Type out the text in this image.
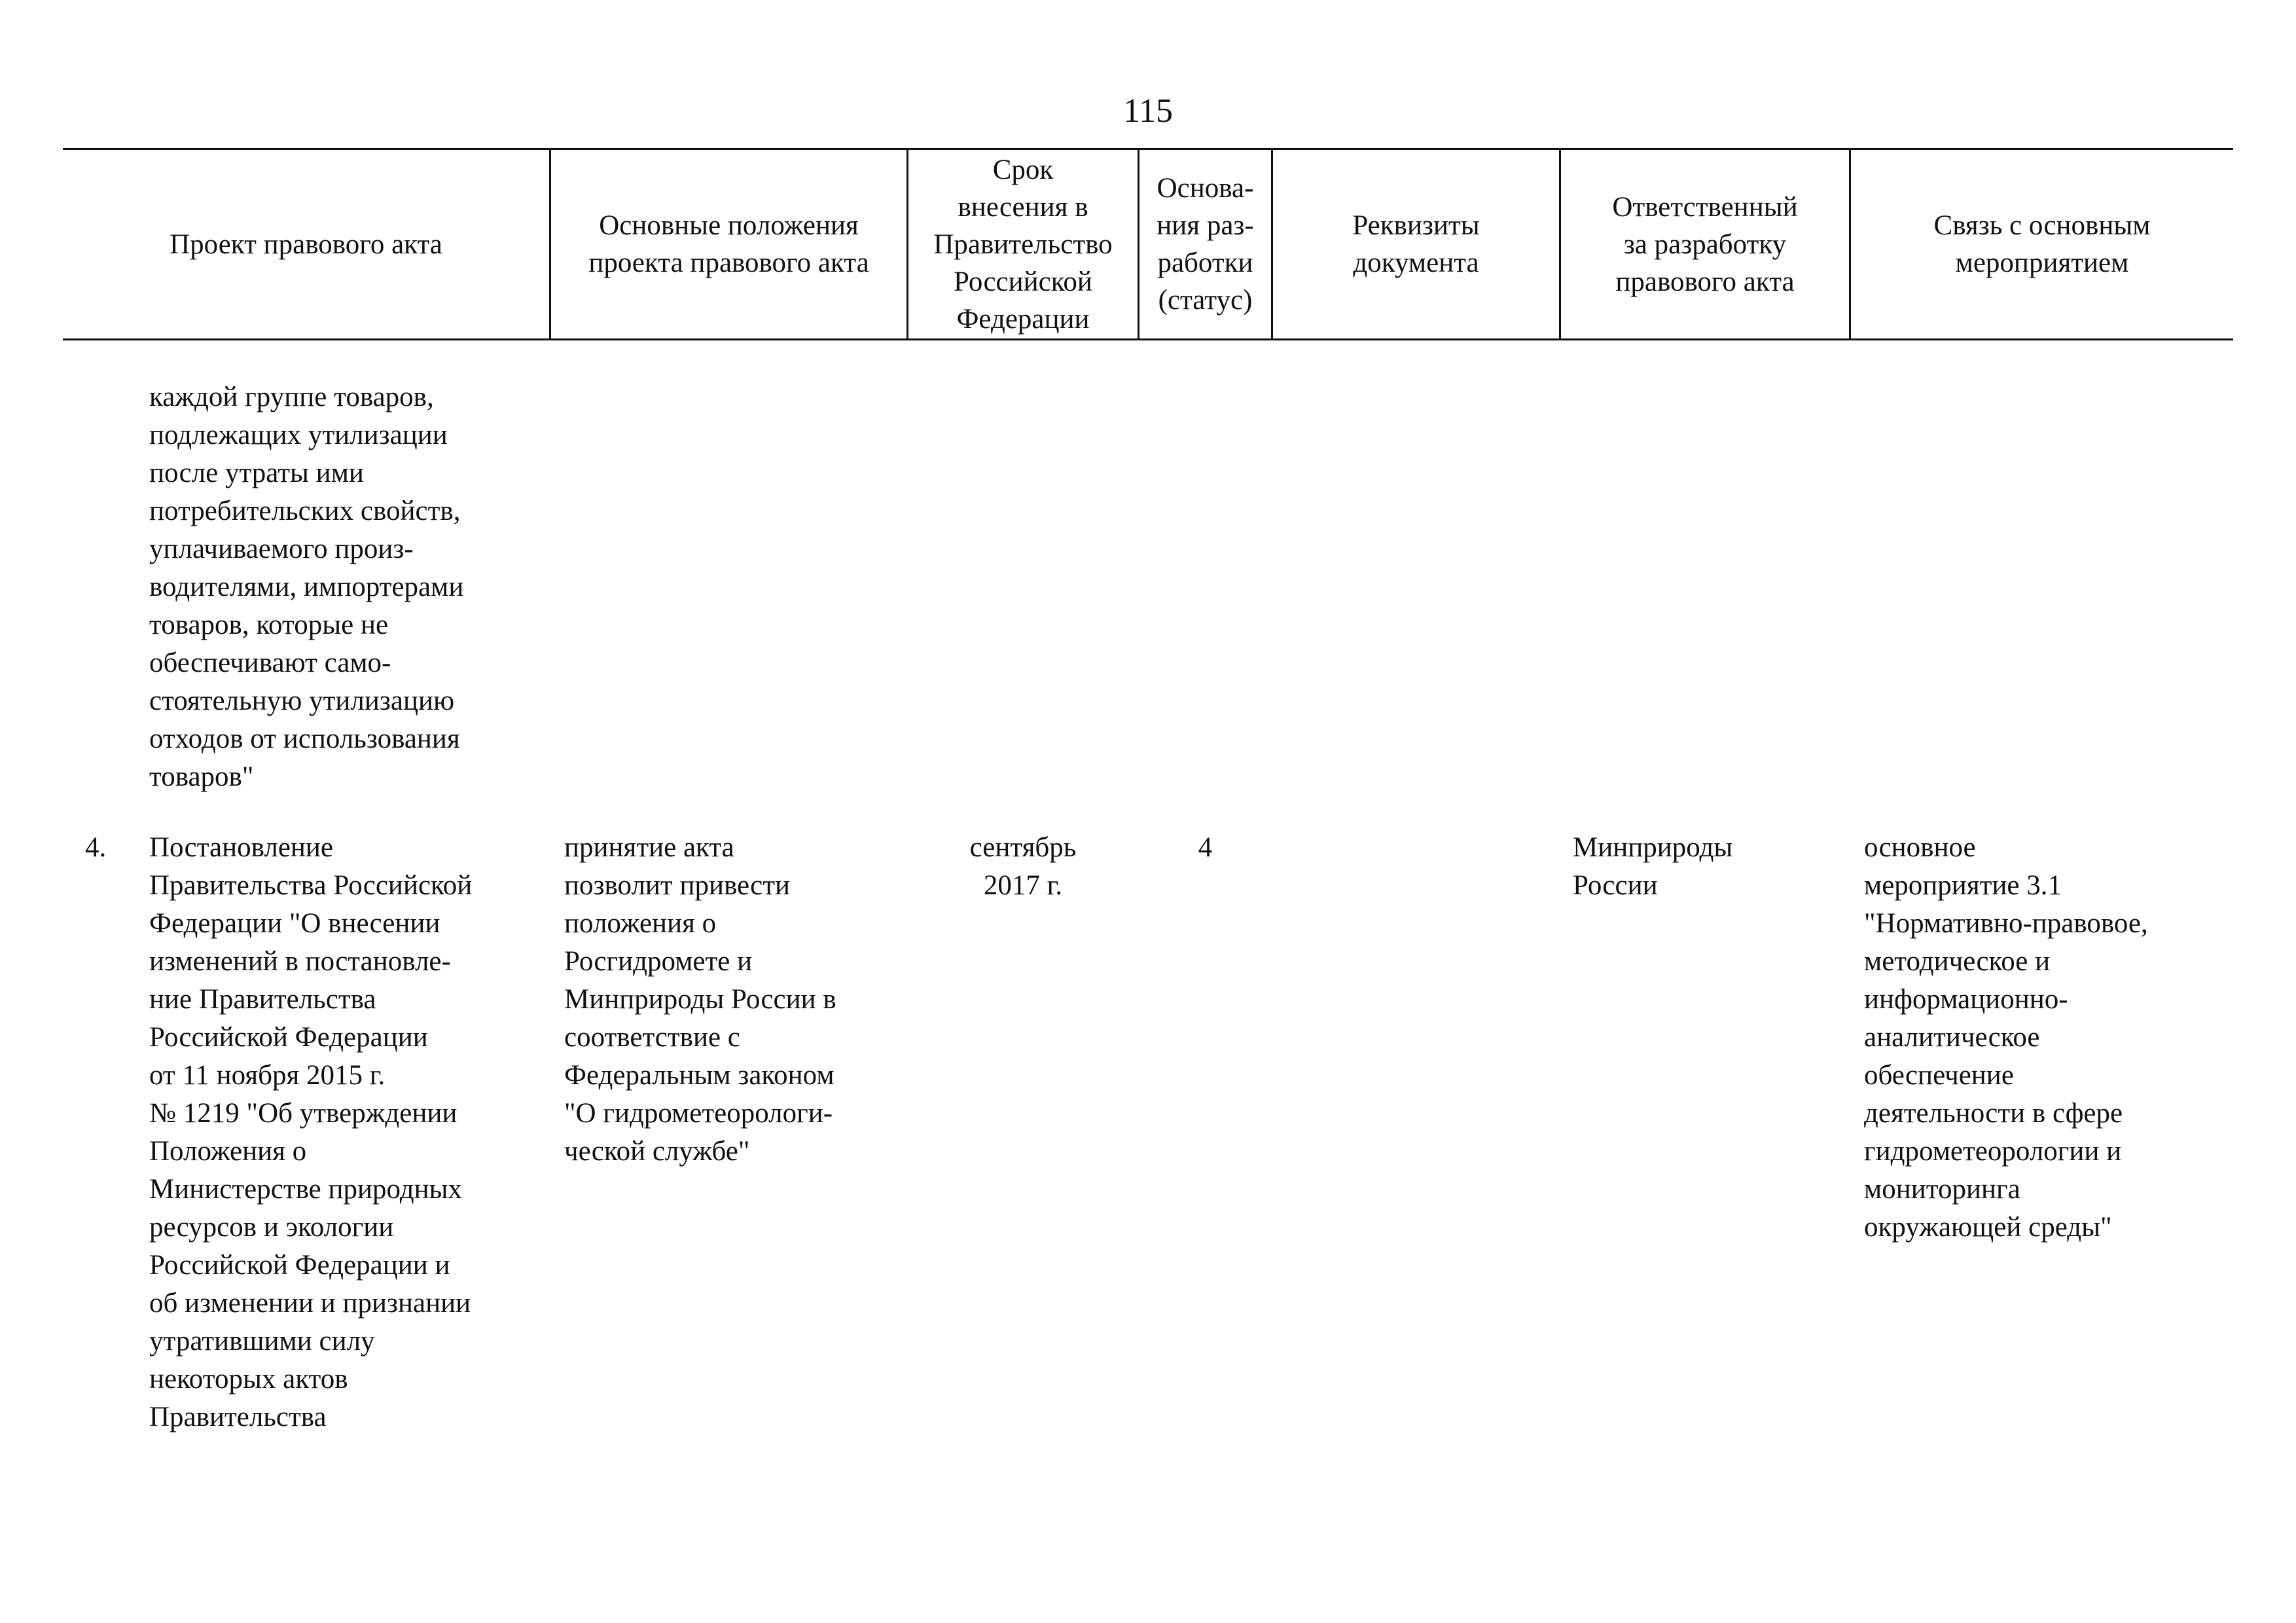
115
Проект правового акта
Основные положения
проекта правового акта
Срок
внесения в
Правительство
Российской
Федерации
Основа-
ния раз-
работки
(статус)
Реквизиты
документа
Ответственный
за разработку
правового акта
Связь с основным
мероприятием
каждой группе товаров,
подлежащих утилизации
после утраты ими
потребительских свойств,
уплачиваемого произ-
водителями, импортерами
товаров, которые не
обеспечивают само-
стоятельную утилизацию
отходов от использования
товаров"
4.	Постановление
Правительства Российской
Федерации "О внесении
изменений в постановле-
ние Правительства
Российской Федерации
от 11 ноября 2015 г.
№ 1219 "Об утверждении
Положения о
Министерстве природных
ресурсов и экологии
Российской Федерации и
об изменении и признании
утратившими силу
некоторых актов
Правительства
принятие акта
позволит привести
положения о
Росгидромете и
Минприроды России в
соответствие с
Федеральным законом
"О гидрометеорологи-
ческой службе"
сентябрь
2017 г.
4	Минприроды
России
основное
мероприятие 3.1
"Нормативно-правовое,
методическое и
информационно-
аналитическое
обеспечение
деятельности в сфере
гидрометеорологии и
мониторинга
окружающей среды"
